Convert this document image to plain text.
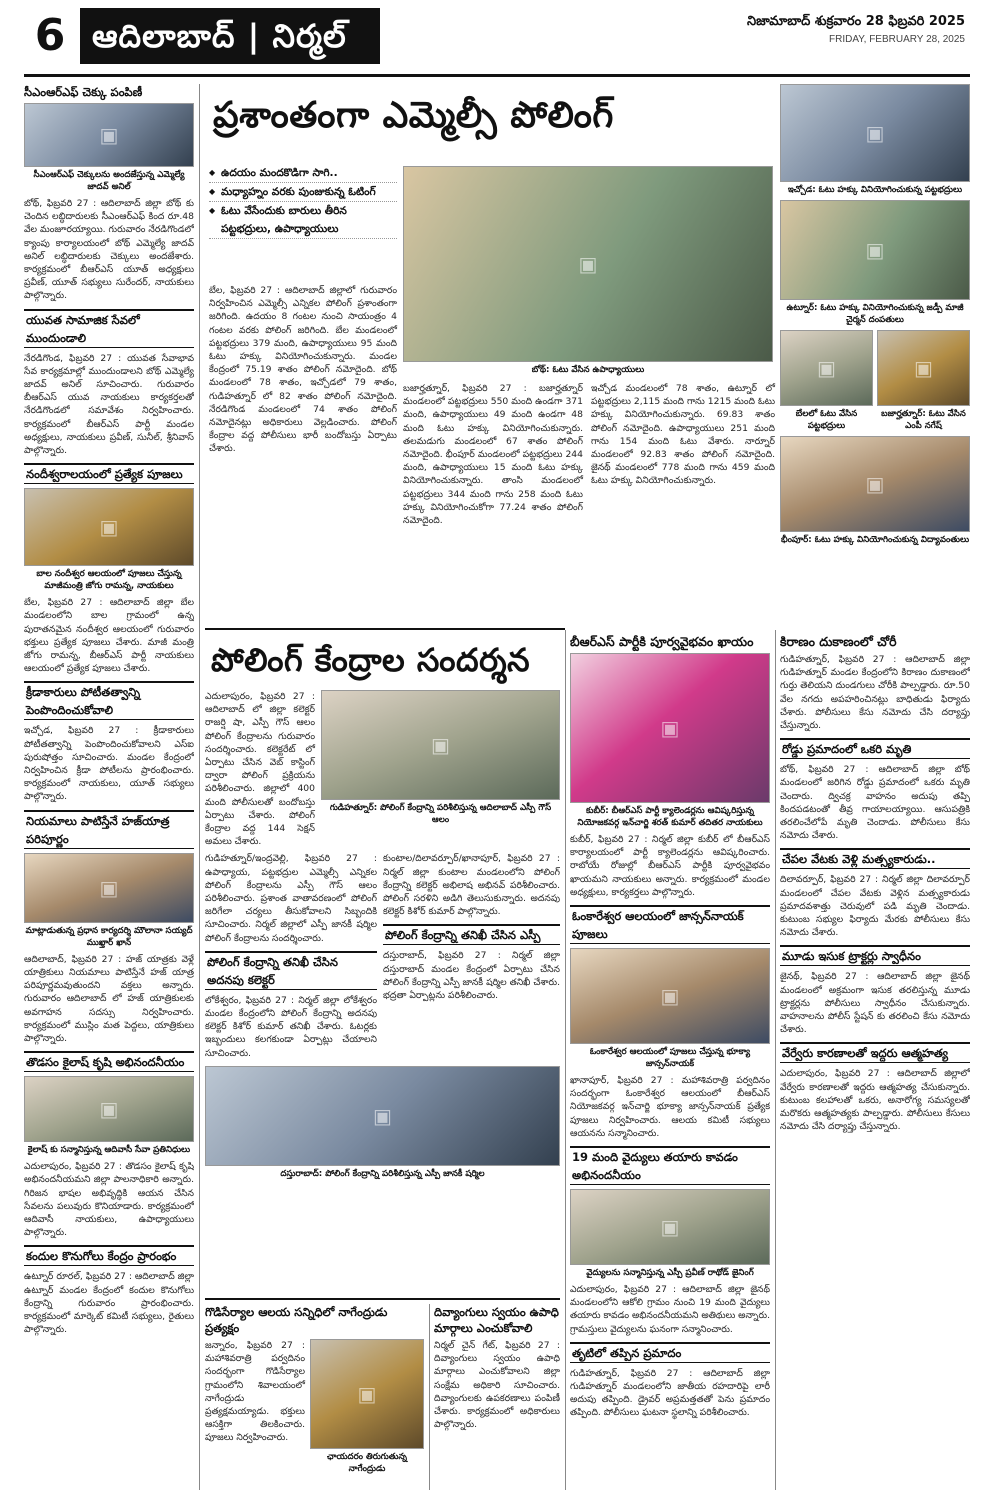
6 ఆదిలాబాద్ | నిర్మల్	నిజామాబాద్ శుక్రవారం 28 ఫిబ్రవరి 2025
FRIDAY, FEBRUARY 28, 2025
సీఎంఆర్ఎఫ్ చెక్కు పంపిణీ
▣
సీఎంఆర్ఎఫ్ చెక్కులను అందజేస్తున్న ఎమ్మెల్యే జాదవ్ అనిల్
బోథ్, ఫిబ్రవరి 27 : ఆదిలాబాద్ జిల్లా బోథ్ కు చెందిన లబ్ధిదారులకు సీఎంఆర్ఎఫ్ కింద రూ.48 వేల మంజూరయ్యాయి. గురువారం నేరడిగొండలో క్యాంపు కార్యాలయంలో బోథ్ ఎమ్మెల్యే జాదవ్ అనిల్ లబ్ధిదారులకు చెక్కులు అందజేశారు. కార్యక్రమంలో బీఆర్ఎస్ యూత్ అధ్యక్షులు ప్రవీణ్, యూత్ సభ్యులు సురేందర్, నాయకులు పాల్గొన్నారు.
యువత సామాజిక సేవలో ముందుండాలి
నేరడిగొండ, ఫిబ్రవరి 27 : యువత సేవాభావ సేవ కార్యక్రమాల్లో ముందుండాలని బోథ్ ఎమ్మెల్యే జాదవ్ అనిల్ సూచించారు. గురువారం బీఆర్ఎస్ యువ నాయకులు కార్యకర్తలతో నేరడిగొండలో సమావేశం నిర్వహించారు. కార్యక్రమంలో బీఆర్ఎస్ పార్టీ మండల అధ్యక్షులు, నాయకులు ప్రవీణ్, సునీల్, శ్రీనివాస్ పాల్గొన్నారు.
నందీశ్వరాలయంలో ప్రత్యేక పూజలు
▣
బాల నందీశ్వర ఆలయంలో పూజలు చేస్తున్న మాజీమంత్రి జోగు రామన్న, నాయకులు
బేల, ఫిబ్రవరి 27 : ఆదిలాబాద్ జిల్లా బేల మండలంలోని బాల గ్రామంలో ఉన్న పురాతనమైన నందీశ్వర ఆలయంలో గురువారం భక్తులు ప్రత్యేక పూజలు చేశారు. మాజీ మంత్రి జోగు రామన్న, బీఆర్ఎస్ పార్టీ నాయకులు ఆలయంలో ప్రత్యేక పూజలు చేశారు.
క్రీడాకారులు పోటీతత్వాన్ని పెంపొందించుకోవాలి
ఇచ్చోడ, ఫిబ్రవరి 27 : క్రీడాకారులు పోటీతత్వాన్ని పెంపొందించుకోవాలని ఎస్ఐ పురుషోత్తం సూచించారు. మండల కేంద్రంలో నిర్వహించిన క్రీడా పోటీలను ప్రారంభించారు. కార్యక్రమంలో నాయకులు, యూత్ సభ్యులు పాల్గొన్నారు.
నియమాలు పాటిస్తేనే హజ్‌యాత్ర పరిపూర్ణం
▣
మాట్లాడుతున్న ప్రధాన కార్యదర్శి మౌలానా సయ్యద్ ముఖ్తార్ ఖాన్
ఆదిలాబాద్, ఫిబ్రవరి 27 : హజ్ యాత్రకు వెళ్లే యాత్రికులు నియమాలు పాటిస్తేనే హజ్ యాత్ర పరిపూర్ణమవుతుందని వక్తలు అన్నారు. గురువారం ఆదిలాబాద్ లో హజ్ యాత్రికులకు అవగాహన సదస్సు నిర్వహించారు. కార్యక్రమంలో ముస్లిం మత పెద్దలు, యాత్రికులు పాల్గొన్నారు.
తొడసం కైలాష్ కృషి అభినందనీయం
▣
కైలాష్ కు సన్మానిస్తున్న ఆదివాసీ సేవా ప్రతినిధులు
ఎదులాపురం, ఫిబ్రవరి 27 : తొడసం కైలాష్ కృషి అభినందనీయమని జిల్లా పాలనాధికారి అన్నారు. గిరిజన భాషల అభివృద్ధికి ఆయన చేసిన సేవలను పలువురు కొనియాడారు. కార్యక్రమంలో ఆదివాసీ నాయకులు, ఉపాధ్యాయులు పాల్గొన్నారు.
కందుల కొనుగోలు కేంద్రం ప్రారంభం
ఉట్నూర్ రూరల్, ఫిబ్రవరి 27 : ఆదిలాబాద్ జిల్లా ఉట్నూర్ మండల కేంద్రంలో కందుల కొనుగోలు కేంద్రాన్ని గురువారం ప్రారంభించారు. కార్యక్రమంలో మార్కెట్ కమిటీ సభ్యులు, రైతులు పాల్గొన్నారు.
ప్రశాంతంగా ఎమ్మెల్సీ పోలింగ్
◆ ఉదయం మందకొడిగా సాగి..
◆ మధ్యాహ్నం వరకు పుంజుకున్న ఓటింగ్
◆ ఓటు వేసేందుకు బారులు తీరిన పట్టభద్రులు, ఉపాధ్యాయులు
▣
బోథ్: ఓటు వేసిన ఉపాధ్యాయులు
బేల, ఫిబ్రవరి 27 : ఆదిలాబాద్ జిల్లాలో గురువారం నిర్వహించిన ఎమ్మెల్సీ ఎన్నికల పోలింగ్ ప్రశాంతంగా జరిగింది. ఉదయం 8 గంటల నుంచి సాయంత్రం 4 గంటల వరకు పోలింగ్ జరిగింది. బేల మండలంలో పట్టభద్రులు 379 మంది, ఉపాధ్యాయులు 95 మంది ఓటు హక్కు వినియోగించుకున్నారు. మండల కేంద్రంలో 75.19 శాతం పోలింగ్ నమోదైంది. బోథ్ మండలంలో 78 శాతం, ఇచ్చోడలో 79 శాతం, గుడిహత్నూర్ లో 82 శాతం పోలింగ్ నమోదైంది. నేరడిగొండ మండలంలో 74 శాతం పోలింగ్ నమోదైనట్లు అధికారులు వెల్లడించారు. పోలింగ్ కేంద్రాల వద్ద పోలీసులు భారీ బందోబస్తు ఏర్పాటు చేశారు.
బజార్హత్నూర్, ఫిబ్రవరి 27 : బజార్హత్నూర్ మండలంలో పట్టభద్రులు 550 మంది ఉండగా 371 మంది, ఉపాధ్యాయులు 49 మంది ఉండగా 48 మంది ఓటు హక్కు వినియోగించుకున్నారు. తలమడుగు మండలంలో 67 శాతం పోలింగ్ నమోదైంది. భీంపూర్ మండలంలో పట్టభద్రులు 244 మంది, ఉపాధ్యాయులు 15 మంది ఓటు హక్కు వినియోగించుకున్నారు. తాంసి మండలంలో పట్టభద్రులు 344 మంది గాను 258 మంది ఓటు హక్కు వినియోగించుకోగా 77.24 శాతం పోలింగ్ నమోదైంది.
ఇచ్చోడ మండలంలో 78 శాతం, ఉట్నూర్ లో పట్టభద్రులు 2,115 మంది గాను 1215 మంది ఓటు హక్కు వినియోగించుకున్నారు. 69.83 శాతం పోలింగ్ నమోదైంది. ఉపాధ్యాయులు 251 మంది గాను 154 మంది ఓటు వేశారు. నార్నూర్ మండలంలో 92.83 శాతం పోలింగ్ నమోదైంది. జైనథ్ మండలంలో 778 మంది గాను 459 మంది ఓటు హక్కు వినియోగించుకున్నారు.
▣
ఇచ్చోడ: ఓటు హక్కు వినియోగించుకున్న పట్టభద్రులు
▣
ఉట్నూర్: ఓటు హక్కు వినియోగించుకున్న జడ్పీ మాజీ చైర్మన్ దంపతులు
▣
బేలలో ఓటు వేసిన పట్టభద్రులు
▣
బజార్హత్నూర్: ఓటు వేసిన ఎంపీ నగేష్
▣
భీంపూర్: ఓటు హక్కు వినియోగించుకున్న విద్యావంతులు
పోలింగ్ కేంద్రాల సందర్శన
ఎదులాపురం, ఫిబ్రవరి 27 : ఆదిలాబాద్ లో జిల్లా కలెక్టర్ రాజర్షి షా, ఎస్పీ గౌస్ ఆలం పోలింగ్ కేంద్రాలను గురువారం సందర్శించారు. కలెక్టరేట్ లో ఏర్పాటు చేసిన వెబ్ కాస్టింగ్ ద్వారా పోలింగ్ ప్రక్రియను పరిశీలించారు. జిల్లాలో 400 మంది పోలీసులతో బందోబస్తు ఏర్పాటు చేశారు. పోలింగ్ కేంద్రాల వద్ద 144 సెక్షన్ అమలు చేశారు.
▣
గుడిహత్నూర్: పోలింగ్ కేంద్రాన్ని పరిశీలిస్తున్న ఆదిలాబాద్ ఎస్పీ గౌస్ ఆలం
గుడిహత్నూర్/ఇంద్రవెల్లి, ఫిబ్రవరి 27 : ఉపాధ్యాయ, పట్టభద్రుల ఎమ్మెల్సీ ఎన్నికల పోలింగ్ కేంద్రాలను ఎస్పీ గౌస్ ఆలం పరిశీలించారు. ప్రశాంత వాతావరణంలో పోలింగ్ జరిగేలా చర్యలు తీసుకోవాలని సిబ్బందికి సూచించారు. నిర్మల్ జిల్లాలో ఎస్పీ జానకీ షర్మిల పోలింగ్ కేంద్రాలను సందర్శించారు.
పోలింగ్ కేంద్రాన్ని తనిఖీ చేసిన అదనపు కలెక్టర్
లోకేశ్వరం, ఫిబ్రవరి 27 : నిర్మల్ జిల్లా లోకేశ్వరం మండల కేంద్రంలోని పోలింగ్ కేంద్రాన్ని అదనపు కలెక్టర్ కిశోర్ కుమార్ తనిఖీ చేశారు. ఓటర్లకు ఇబ్బందులు కలగకుండా ఏర్పాట్లు చేయాలని సూచించారు.
కుంటాల/దిలావర్పూర్/ఖానాపూర్, ఫిబ్రవరి 27 : నిర్మల్ జిల్లా కుంటాల మండలంలోని పోలింగ్ కేంద్రాన్ని కలెక్టర్ అభిలాష అభినవ్ పరిశీలించారు. పోలింగ్ సరళిని అడిగి తెలుసుకున్నారు. అదనపు కలెక్టర్ కిశోర్ కుమార్ పాల్గొన్నారు.
పోలింగ్ కేంద్రాన్ని తనిఖీ చేసిన ఎస్పీ
దస్తురాబాద్, ఫిబ్రవరి 27 : నిర్మల్ జిల్లా దస్తురాబాద్ మండల కేంద్రంలో ఏర్పాటు చేసిన పోలింగ్ కేంద్రాన్ని ఎస్పీ జానకీ షర్మిల తనిఖీ చేశారు. భద్రతా ఏర్పాట్లను పరిశీలించారు.
▣
దస్తురాబాద్: పోలింగ్ కేంద్రాన్ని పరిశీలిస్తున్న ఎస్పీ జానకీ షర్మిల
గొడిసేర్యాల ఆలయ సన్నిధిలో నాగేంద్రుడు ప్రత్యక్షం
జన్నారం, ఫిబ్రవరి 27 : మహాశివరాత్రి పర్వదినం సందర్భంగా గొడిసేర్యాల గ్రామంలోని శివాలయంలో నాగేంద్రుడు ప్రత్యక్షమయ్యాడు. భక్తులు ఆసక్తిగా తిలకించారు. పూజలు నిర్వహించారు.
▣
ఛాయదరం తిరుగుతున్న నాగేంద్రుడు
దివ్యాంగులు స్వయం ఉపాధి మార్గాలు ఎంచుకోవాలి
నిర్మల్ చైన్ గేట్, ఫిబ్రవరి 27 : దివ్యాంగులు స్వయం ఉపాధి మార్గాలు ఎంచుకోవాలని జిల్లా సంక్షేమ అధికారి సూచించారు. దివ్యాంగులకు ఉపకరణాలు పంపిణీ చేశారు. కార్యక్రమంలో అధికారులు పాల్గొన్నారు.
బీఆర్ఎస్ పార్టీకి పూర్వవైభవం ఖాయం
▣
కుబీర్: బీఆర్ఎస్ పార్టీ క్యాలెండర్లను ఆవిష్కరిస్తున్న నియోజకవర్గ ఇన్‌చార్జి శరత్ కుమార్ తదితర నాయకులు
కుబీర్, ఫిబ్రవరి 27 : నిర్మల్ జిల్లా కుబీర్ లో బీఆర్ఎస్ కార్యాలయంలో పార్టీ క్యాలెండర్లను ఆవిష్కరించారు. రాబోయే రోజుల్లో బీఆర్ఎస్ పార్టీకి పూర్వవైభవం ఖాయమని నాయకులు అన్నారు. కార్యక్రమంలో మండల అధ్యక్షులు, కార్యకర్తలు పాల్గొన్నారు.
ఓంకారేశ్వర ఆలయంలో జాన్సన్‌నాయక్ పూజలు
▣
ఓంకారేశ్వర ఆలయంలో పూజలు చేస్తున్న భూక్యా జాన్సన్‌నాయక్
ఖానాపూర్, ఫిబ్రవరి 27 : మహాశివరాత్రి పర్వదినం సందర్భంగా ఓంకారేశ్వర ఆలయంలో బీఆర్ఎస్ నియోజకవర్గ ఇన్‌చార్జి భూక్యా జాన్సన్‌నాయక్ ప్రత్యేక పూజలు నిర్వహించారు. ఆలయ కమిటీ సభ్యులు ఆయనను సన్మానించారు.
19 మంది వైద్యులు తయారు కావడం అభినందనీయం
▣
వైద్యులను సన్మానిస్తున్న ఎస్పీ ప్రవీణ్ రాథోడ్ జైనింగ్
ఎదులాపురం, ఫిబ్రవరి 27 : ఆదిలాబాద్ జిల్లా జైనథ్ మండలంలోని ఆకోలి గ్రామం నుంచి 19 మంది వైద్యులు తయారు కావడం అభినందనీయమని అతిథులు అన్నారు. గ్రామస్తులు వైద్యులను ఘనంగా సన్మానించారు.
తృటిలో తప్పిన ప్రమాదం
గుడిహత్నూర్, ఫిబ్రవరి 27 : ఆదిలాబాద్ జిల్లా గుడిహత్నూర్ మండలంలోని జాతీయ రహదారిపై లారీ అదుపు తప్పింది. డ్రైవర్ అప్రమత్తతతో పెను ప్రమాదం తప్పింది. పోలీసులు ఘటనా స్థలాన్ని పరిశీలించారు.
కిరాణం దుకాణంలో చోరీ
గుడిహత్నూర్, ఫిబ్రవరి 27 : ఆదిలాబాద్ జిల్లా గుడిహత్నూర్ మండల కేంద్రంలోని కిరాణం దుకాణంలో గుర్తు తెలియని దుండగులు చోరీకి పాల్పడ్డారు. రూ.50 వేల నగదు అపహరించినట్లు బాధితుడు ఫిర్యాదు చేశారు. పోలీసులు కేసు నమోదు చేసి దర్యాప్తు చేస్తున్నారు.
రోడ్డు ప్రమాదంలో ఒకరి మృతి
బోథ్, ఫిబ్రవరి 27 : ఆదిలాబాద్ జిల్లా బోథ్ మండలంలో జరిగిన రోడ్డు ప్రమాదంలో ఒకరు మృతి చెందారు. ద్విచక్ర వాహనం అదుపు తప్పి కిందపడటంతో తీవ్ర గాయాలయ్యాయి. ఆసుపత్రికి తరలించేలోపే మృతి చెందాడు. పోలీసులు కేసు నమోదు చేశారు.
చేపల వేటకు వెళ్లి మత్స్యకారుడు..
దిలావర్పూర్, ఫిబ్రవరి 27 : నిర్మల్ జిల్లా దిలావర్పూర్ మండలంలో చేపల వేటకు వెళ్లిన మత్స్యకారుడు ప్రమాదవశాత్తు చెరువులో పడి మృతి చెందాడు. కుటుంబ సభ్యుల ఫిర్యాదు మేరకు పోలీసులు కేసు నమోదు చేశారు.
మూడు ఇసుక ట్రాక్టర్లు స్వాధీనం
జైనథ్, ఫిబ్రవరి 27 : ఆదిలాబాద్ జిల్లా జైనథ్ మండలంలో అక్రమంగా ఇసుక తరలిస్తున్న మూడు ట్రాక్టర్లను పోలీసులు స్వాధీనం చేసుకున్నారు. వాహనాలను పోలీస్ స్టేషన్ కు తరలించి కేసు నమోదు చేశారు.
వేర్వేరు కారణాలతో ఇద్దరు ఆత్మహత్య
ఎదులాపురం, ఫిబ్రవరి 27 : ఆదిలాబాద్ జిల్లాలో వేర్వేరు కారణాలతో ఇద్దరు ఆత్మహత్య చేసుకున్నారు. కుటుంబ కలహాలతో ఒకరు, అనారోగ్య సమస్యలతో మరొకరు ఆత్మహత్యకు పాల్పడ్డారు. పోలీసులు కేసులు నమోదు చేసి దర్యాప్తు చేస్తున్నారు.
